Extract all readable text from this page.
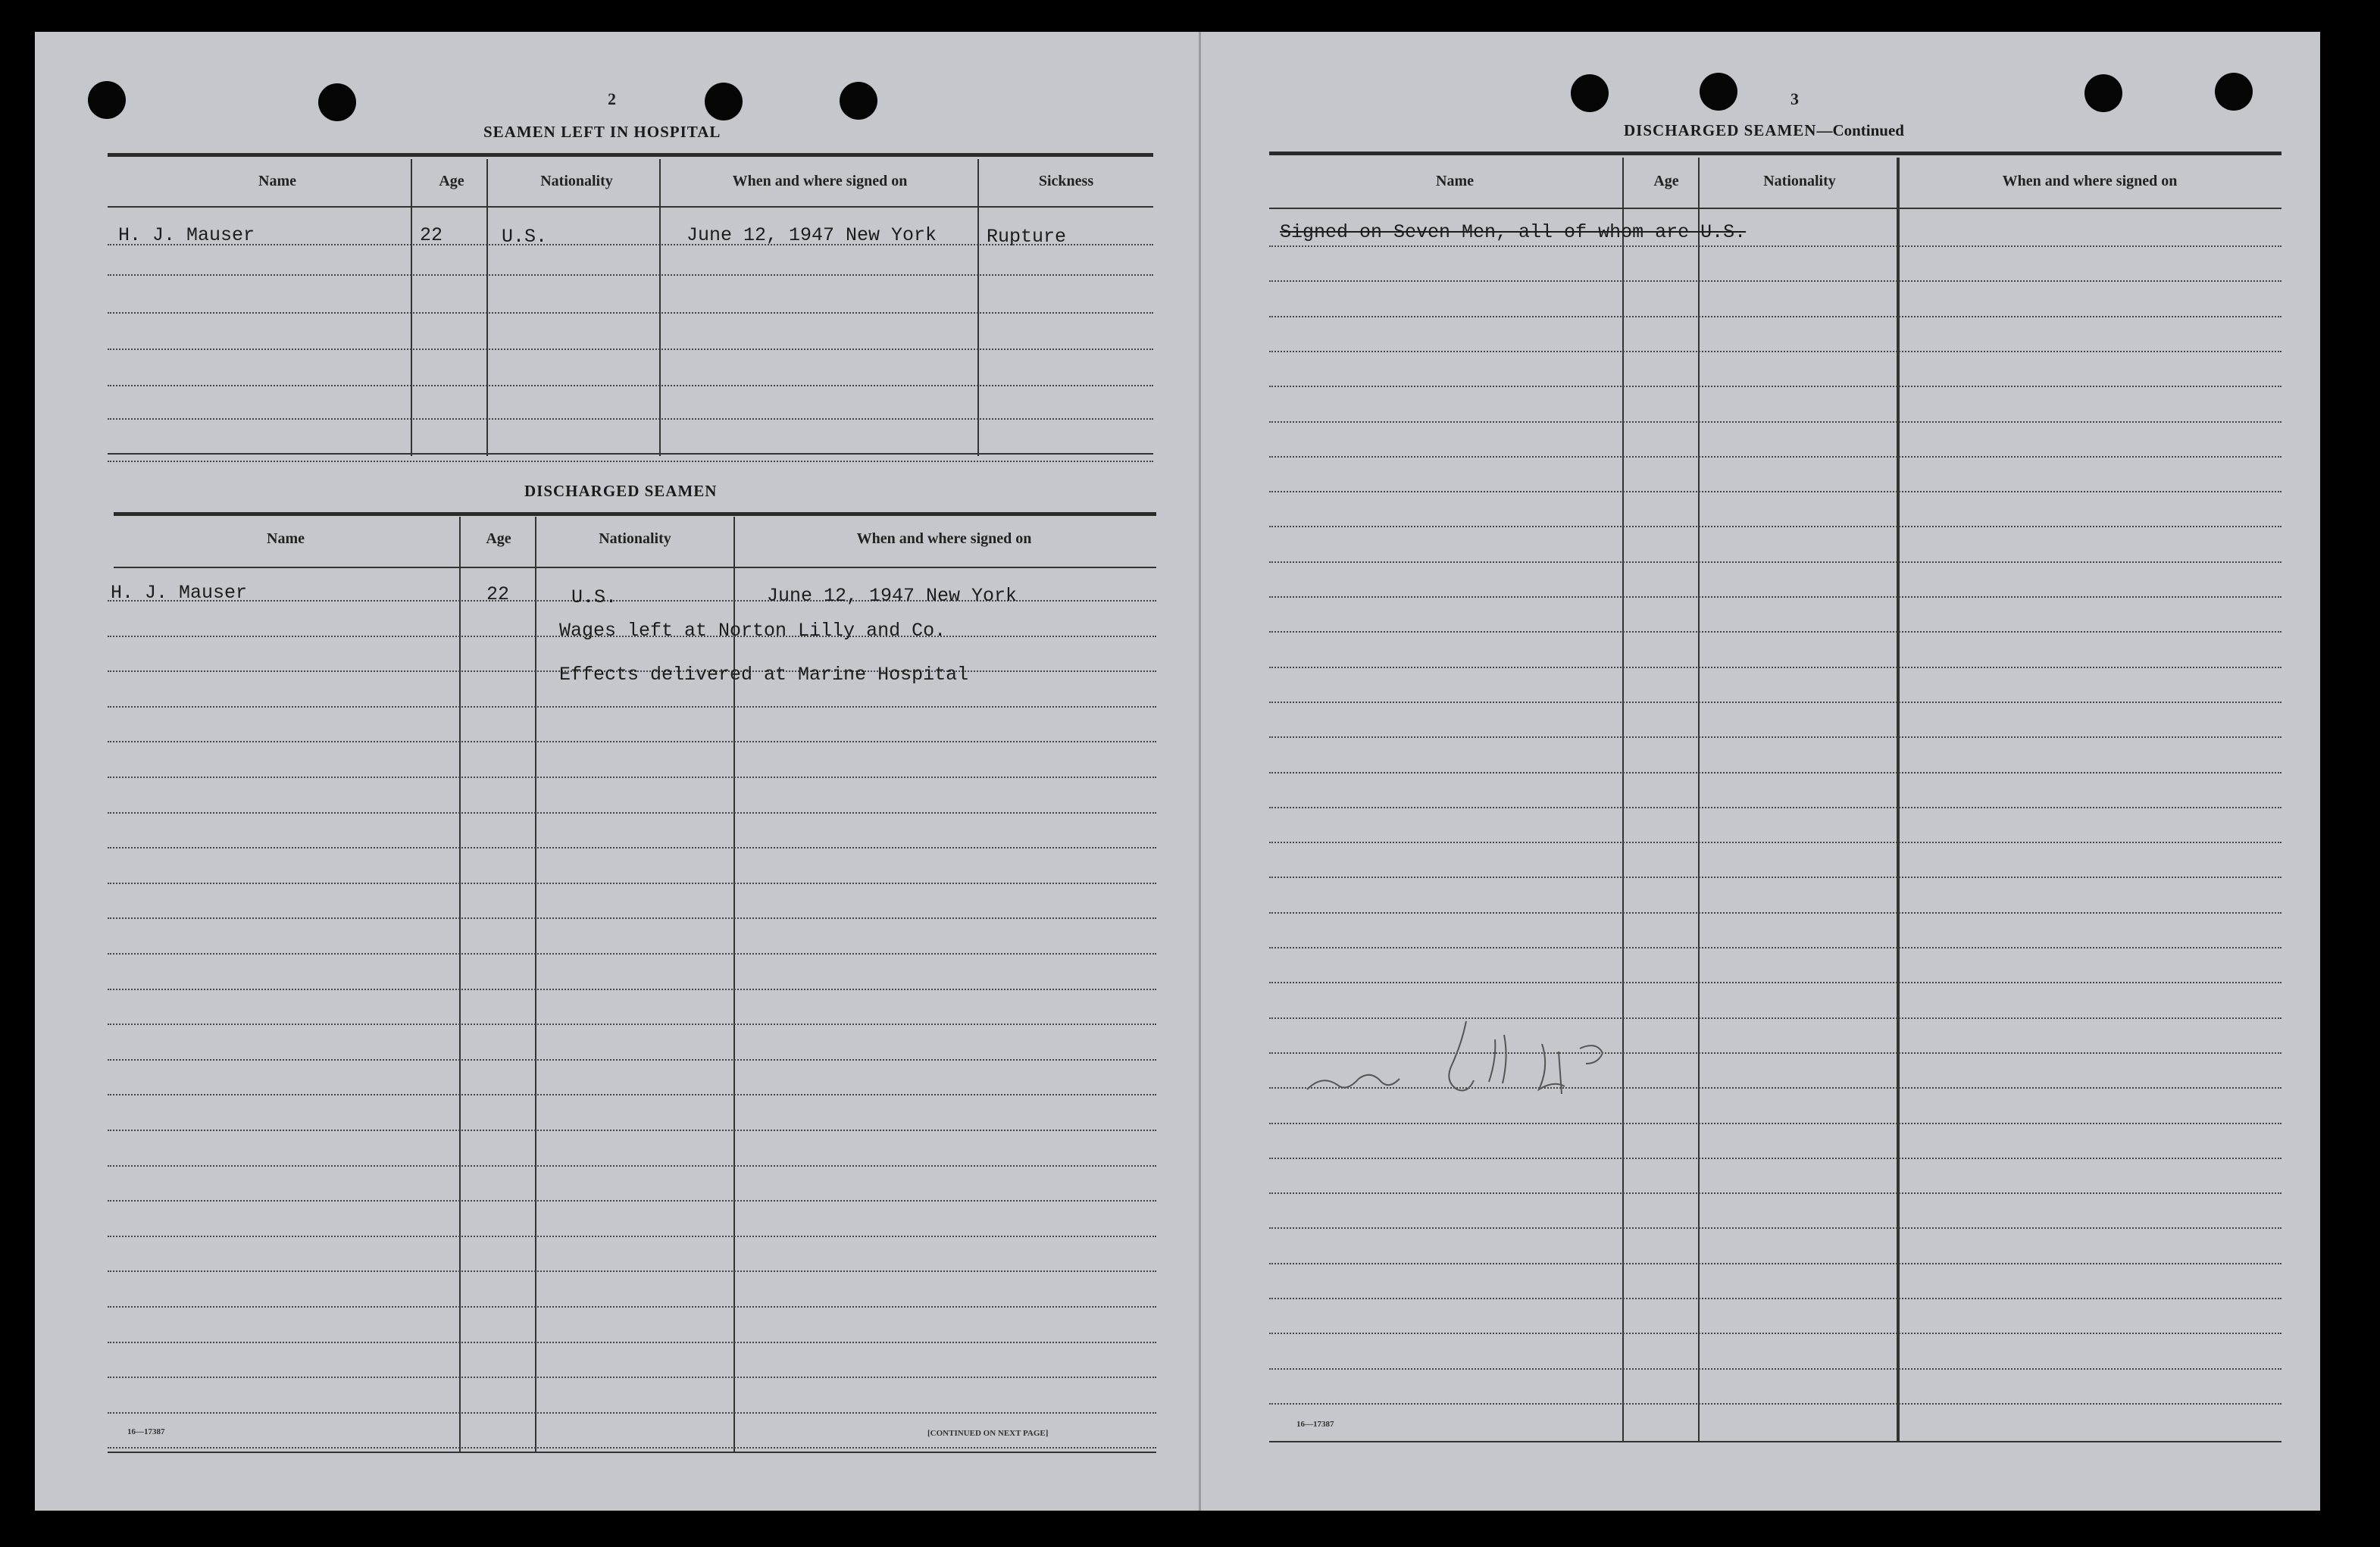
2
SEAMEN LEFT IN HOSPITAL
Name	Age	Nationality	When and where signed on	Sickness
H. J. Mauser	22	U.S.	June 12, 1947 New York	Rupture
DISCHARGED SEAMEN
Name	Age	Nationality	When and where signed on
H. J. Mauser	22	U.S.	June 12, 1947 New York
Wages left at Norton Lilly and Co.
Effects delivered at Marine Hospital
16—17387	[CONTINUED ON NEXT PAGE]
3
DISCHARGED SEAMEN—Continued
Name	Age	Nationality	When and where signed on
Signed on Seven Men, all of whom are U.S.
16—17387
